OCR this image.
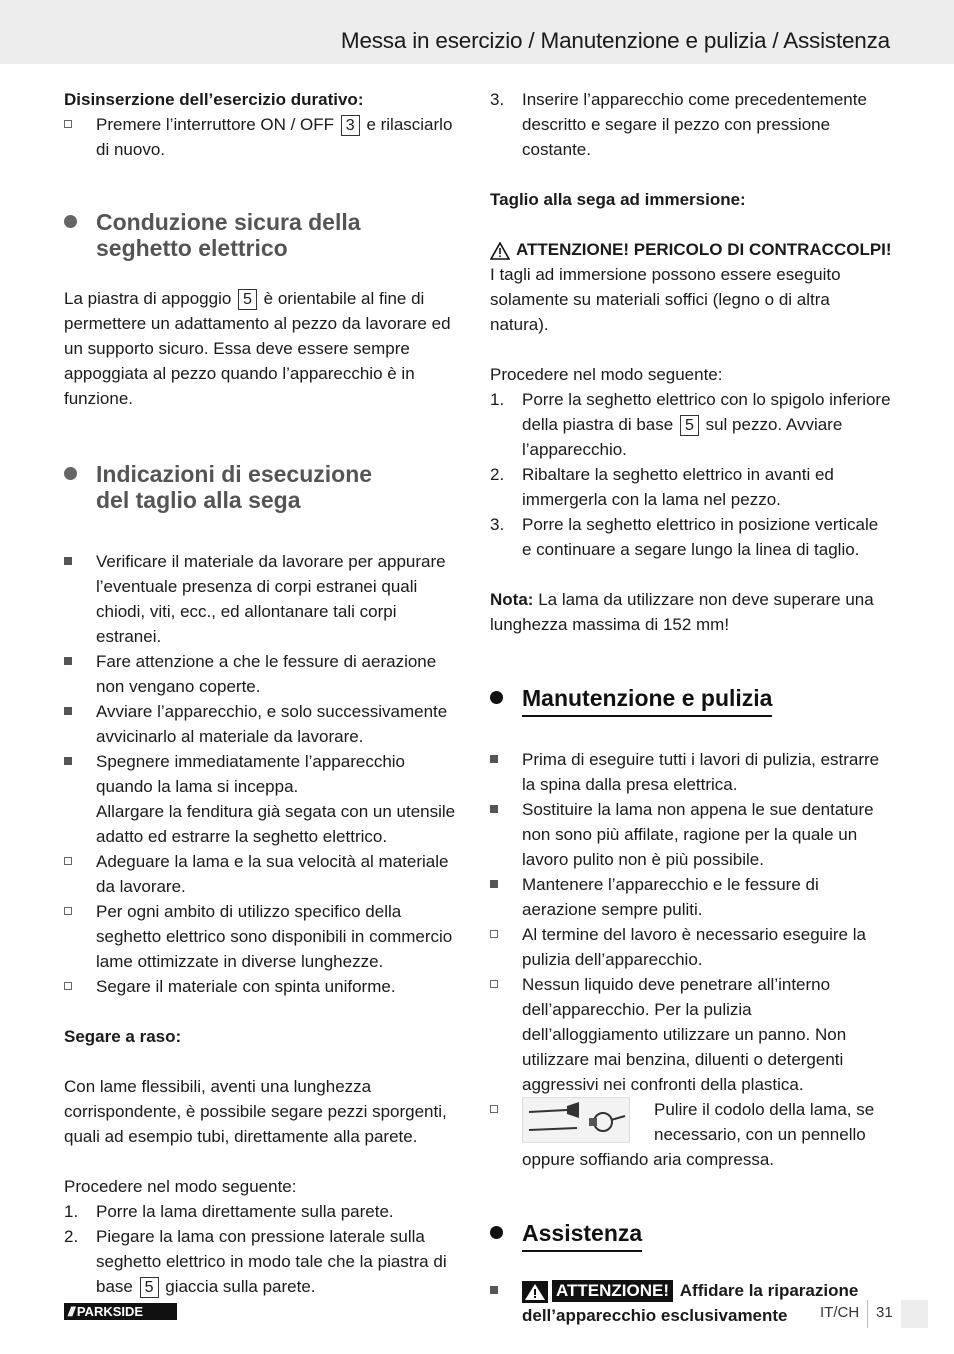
Messa in esercizio / Manutenzione e pulizia / Assistenza
Disinserzione dell’esercizio durativo:
Premere l’interruttore ON / OFF 3 e rilasciarlo di nuovo.
Conduzione sicura della
seghetto elettrico
La piastra di appoggio 5 è orientabile al fine di permettere un adattamento al pezzo da lavorare ed un supporto sicuro. Essa deve essere sempre appoggiata al pezzo quando l’apparecchio è in funzione.
Indicazioni di esecuzione
del taglio alla sega
Verificare il materiale da lavorare per appurare l’eventuale presenza di corpi estranei quali chiodi, viti, ecc., ed allontanare tali corpi estranei.
Fare attenzione a che le fessure di aerazione non vengano coperte.
Avviare l’apparecchio, e solo successivamente avvicinarlo al materiale da lavorare.
Spegnere immediatamente l’apparecchio quando la lama si inceppa.
Allargare la fenditura già segata con un utensile adatto ed estrarre la seghetto elettrico.
Adeguare la lama e la sua velocità al materiale da lavorare.
Per ogni ambito di utilizzo specifico della seghetto elettrico sono disponibili in commercio lame ottimizzate in diverse lunghezze.
Segare il materiale con spinta uniforme.
Segare a raso:
Con lame flessibili, aventi una lunghezza corrispondente, è possibile segare pezzi sporgenti, quali ad esempio tubi, direttamente alla parete.
Procedere nel modo seguente:
1.	Porre la lama direttamente sulla parete.
2.	Piegare la lama con pressione laterale sulla seghetto elettrico in modo tale che la piastra di base 5 giaccia sulla parete.
3.	Inserire l’apparecchio come precedentemente descritto e segare il pezzo con pressione costante.
Taglio alla sega ad immersione:
ATTENZIONE! PERICOLO DI CONTRACCOLPI! I tagli ad immersione possono essere eseguito solamente su materiali soffici (legno o di altra natura).
Procedere nel modo seguente:
1.	Porre la seghetto elettrico con lo spigolo inferiore della piastra di base 5 sul pezzo. Avviare l’apparecchio.
2.	Ribaltare la seghetto elettrico in avanti ed immergerla con la lama nel pezzo.
3.	Porre la seghetto elettrico in posizione verticale e continuare a segare lungo la linea di taglio.
Nota: La lama da utilizzare non deve superare una lunghezza massima di 152 mm!
Manutenzione e pulizia
Prima di eseguire tutti i lavori di pulizia, estrarre la spina dalla presa elettrica.
Sostituire la lama non appena le sue dentature non sono più affilate, ragione per la quale un lavoro pulito non è più possibile.
Mantenere l’apparecchio e le fessure di aerazione sempre puliti.
Al termine del lavoro è necessario eseguire la pulizia dell’apparecchio.
Nessun liquido deve penetrare all’interno dell’apparecchio. Per la pulizia dell’alloggiamento utilizzare un panno. Non utilizzare mai benzina, diluenti o detergenti aggressivi nei confronti della plastica.
Pulire il codolo della lama, se necessario, con un pennello oppure soffiando aria compressa.
Assistenza
ATTENZIONE! Affidare la riparazione dell’apparecchio esclusivamente
/// PARKSIDE	IT/CH 31
